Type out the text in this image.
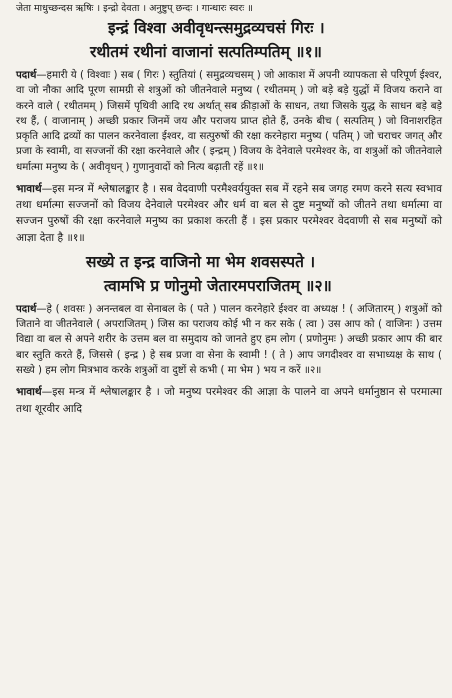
जेता माधुच्छन्दस ऋषिः । इन्द्रो देवता । अनुष्टुप् छन्दः । गान्धारः स्वरः ॥
इन्द्रं विश्वा अवीवृधन्त्समुद्रव्यचसं गिरः ।
रथीतमं रथीनां वाजानां सत्पतिम्पतिम् ॥१॥

पदार्थ—हमारी ये ( विश्वाः ) सब ( गिरः ) स्तुतियां ( समुद्रव्यचसम् ) जो आकाश में अपनी व्यापकता से परिपूर्ण ईश्वर, वा जो नौका आदि पूरण सामग्री से शत्रुओं को जीतनेवाले मनुष्य ( रथीतमम् ) जो बड़े बड़े युद्धों में विजय कराने वा करने वाले ( रथीतमम् ) जिसमें पृथिवी आदि रथ अर्थात् सब क्रीड़ाओं के साधन, तथा जिसके युद्ध के साधन बड़े बड़े रथ हैं, ( वाजानाम् ) अच्छी प्रकार जिनमें जय और पराजय प्राप्त होते हैं, उनके बीच ( सत्पतिम् ) जो विनाशरहित प्रकृति आदि द्रव्यों का पालन करनेवाला ईश्वर, वा सत्पुरुषों की रक्षा करनेहारा मनुष्य ( पतिम् ) जो चराचर जगत् और प्रजा के स्वामी, वा सज्जनों की रक्षा करनेवाले और ( इन्द्रम् ) विजय के देनेवाले परमेश्वर के, वा शत्रुओं को जीतनेवाले धर्मात्मा मनुष्य के ( अवीवृधन् ) गुणानुवादों को नित्य बढ़ाती रहें ॥१॥

भावार्थ—इस मन्त्र में श्लेषालङ्कार है । सब वेदवाणी परमैश्वर्ययुक्त सब में रहने सब जगह रमण करने सत्य स्वभाव तथा धर्मात्मा सज्जनों को विजय देनेवाले परमेश्वर और धर्म वा बल से दुष्ट मनुष्यों को जीतने तथा धर्मात्मा वा सज्जन पुरुषों की रक्षा करनेवाले मनुष्य का प्रकाश करती हैं । इस प्रकार परमेश्वर वेदवाणी से सब मनुष्यों को आज्ञा देता है ॥१॥

सख्ये त इन्द्र वाजिनो मा भेम शवसस्पते ।
त्वामभि प्र णोनुमो जेतारमपराजितम् ॥२॥

पदार्थ—हे ( शवसः ) अनन्तबल वा सेनाबल के ( पते ) पालन करनेहारे ईश्वर वा अध्यक्ष ! ( अजितारम् ) शत्रुओं को जिताने वा जीतनेवाले ( अपराजितम् ) जिस का पराजय कोई भी न कर सके ( त्वा ) उस आप को ( वाजिनः ) उत्तम विद्या वा बल से अपने शरीर के उत्तम बल वा समुदाय को जानते हुए हम लोग ( प्रणोनुमः ) अच्छी प्रकार आप की बार बार स्तुति करते हैं, जिससे ( इन्द्र ) हे सब प्रजा वा सेना के स्वामी ! ( ते ) आप जगदीश्वर वा सभाध्यक्ष के साथ ( सख्ये ) हम लोग मित्रभाव करके शत्रुओं वा दुष्टों से कभी ( मा भेम ) भय न करें ॥२॥

भावार्थ—इस मन्त्र में श्लेषालङ्कार है । जो मनुष्य परमेश्वर की आज्ञा के पालने वा अपने धर्मानुष्ठान से परमात्मा तथा शूरवीर आदि
